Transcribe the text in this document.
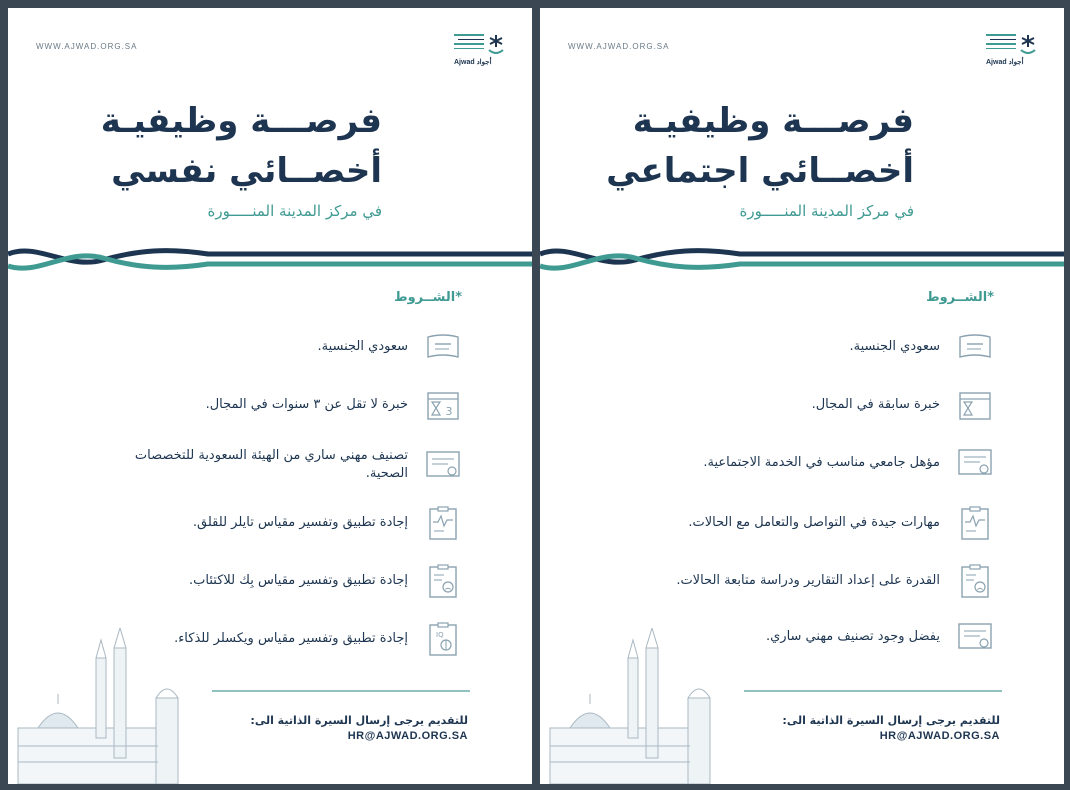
WWW.AJWAD.ORG.SA
Ajwad أجواد
فرصـــة وظيفيـة
أخصــائي نفسي
في مركز المدينة المنـــــورة
*الشــروط
سعودي الجنسية.
3
خبرة لا تقل عن ٣ سنوات في المجال.
تصنيف مهني ساري من الهيئة السعودية للتخصصات الصحية.
إجادة تطبيق وتفسير مقياس تايلر للقلق.
إجادة تطبيق وتفسير مقياس بِك للاكتئاب.
IQ
إجادة تطبيق وتفسير مقياس ويكسلر للذكاء.
للتقديم يرجى إرسال السيرة الذاتية الى:
HR@AJWAD.ORG.SA
WWW.AJWAD.ORG.SA
Ajwad أجواد
فرصـــة وظيفيـة
أخصــائي اجتماعي
في مركز المدينة المنـــــورة
*الشــروط
سعودي الجنسية.
خبرة سابقة في المجال.
مؤهل جامعي مناسب في الخدمة الاجتماعية.
مهارات جيدة في التواصل والتعامل مع الحالات.
القدرة على إعداد التقارير ودراسة متابعة الحالات.
يفضل وجود تصنيف مهني ساري.
للتقديم يرجى إرسال السيرة الذاتية الى:
HR@AJWAD.ORG.SA
